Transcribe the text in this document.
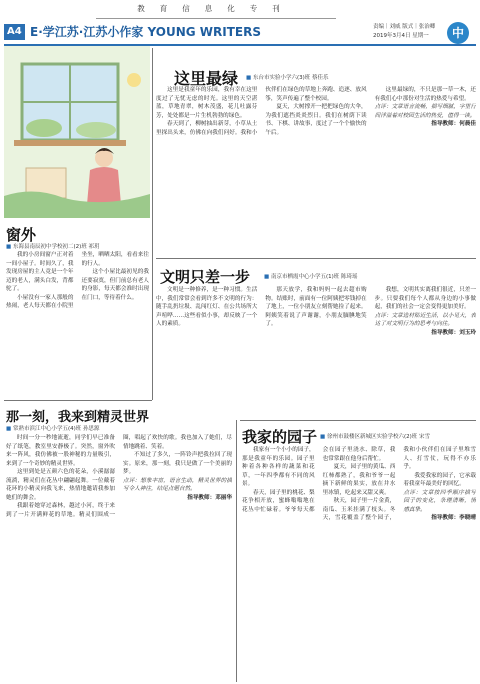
教育信息化专刊
A4 E·学江苏·江苏小作家 YOUNG WRITERS	责编｜刘威 版式｜张治卿
2019年3月4日 星期一	中
窗外
■ 东海县南辰初中学校初二(2)班 祁玥

我的小房间窗户正对着一间小屋子。时间久了，我发现房屋的主人竟是一个年迈的老人，满头白发，背都驼了。

小屋没有一家人那般的热闹，老人每天都在小院里坐坐，晒晒太阳，看看来往的行人。

这个小屋比最初见的我还要寂寞，但门前总有老人的身影，每天都会准时出现在门口，等待着什么。

这里最绿 ■ 东台市实验小学六(3)班 蔡佳乐

这里是我童年的乐园，我有幸在这里度过了无忧无虑的时光。这里的天空湛蓝，草地青翠，树木茂盛，花儿吐露芬芳，处处都是一片生机勃勃的绿色。

春天到了，柳树抽出新芽，小草从土里探出头来，仿佛在向我们问好。我和小伙伴们在绿色的草地上奔跑、追逐、放风筝，笑声传遍了整个校园。

夏天，大树撑开一把把绿色的大伞，为我们遮挡炎炎烈日。我们在树荫下读书、下棋、讲故事，度过了一个个愉快的午后。

这里最绿的，不只是那一草一木，还有我们心中那份对生活的热爱与希望。

点评：文章语言流畅，描写细腻，字里行间洋溢着对校园生活的热爱，值得一读。

指导教师：何晨佳

文明只差一步	■ 南京市栖霞中心小学五(1)班 陈琦瑶

文明是一种修养，是一种习惯。生活中，我们常常会看到许多不文明的行为：随手乱扔垃圾、乱闯红灯、在公共场所大声喧哗……这些看似小事，却反映了一个人的素质。

那天放学，我和妈妈一起去超市购物。结账时，前面有一位阿姨把零钱掉在了地上，一位小朋友立刻帮她捡了起来。阿姨笑着说了声谢谢，小朋友腼腆地笑了。

我想，文明其实离我们很近，只差一步。只要我们每个人都从身边的小事做起，我们的社会一定会变得更加美好。

点评：文章选材贴近生活，以小见大，表达了对文明行为的思考与向往。

指导教师：刘玉玲

那一刻，我来到精灵世界
■ 常熟市滨江中心小学五(4)班 孙思源

时间一分一秒地流逝，同学们早已准备好了纸笔，教室里安静极了。突然，窗外吹来一阵风，我仿佛被一股神秘的力量吸引，来到了一个奇妙的精灵世界。

这里到处是五颜六色的花朵，小溪潺潺流淌，精灵们在花丛中翩翩起舞。一位戴着花环的小精灵向我飞来，热情地邀请我参加她们的舞会。

我跟着她穿过森林，越过小河，终于来到了一片开满鲜花的草地。精灵们围成一圈，唱起了欢快的歌。我也加入了她们，尽情地跳着、笑着。

不知过了多久，一阵铃声把我拉回了现实。原来，那一刻，我只是做了一个美丽的梦。

点评：想象丰富，语言生动，精灵世界的描写令人神往，结尾点题自然。

指导教师：邓丽华

我家的园子 ■ 徐州市鼓楼区新城区实验学校六(2)班 宋雪

我家有一个小小的园子，那是我童年的乐园。园子里种着各种各样的蔬菜和花草，一年四季都有不同的风景。

春天，园子里的桃花、梨花争相开放，蜜蜂嗡嗡地在花丛中忙碌着。爷爷每天都会在园子里浇水、除草，我也常常跟在他身后帮忙。

夏天，园子里的黄瓜、西红柿都熟了，我和爷爷一起摘下新鲜的果实，放在井水里冰镇，吃起来又甜又爽。

秋天，园子里一片金黄，南瓜、玉米挂满了枝头。冬天，雪花覆盖了整个园子，我和小伙伴们在园子里堆雪人、打雪仗，玩得不亦乐乎。

我爱我家的园子，它承载着我童年最美好的回忆。

点评：文章按四季顺序描写园子的变化，条理清晰，情感真挚。

指导教师：李晓晴
